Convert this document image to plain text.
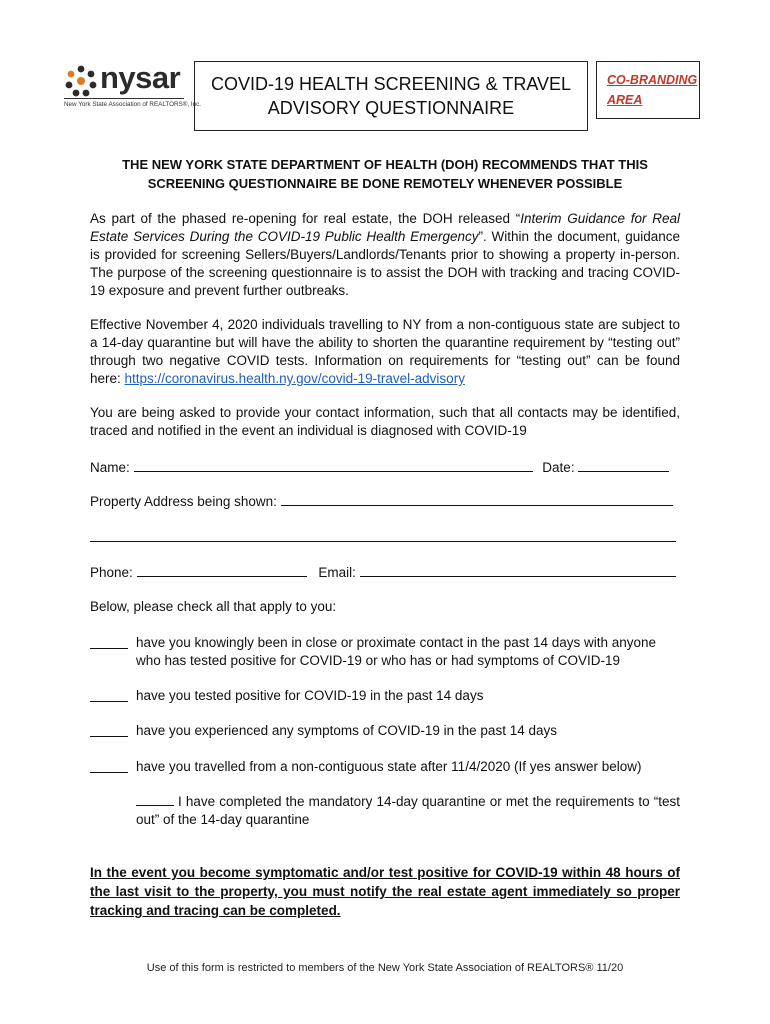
nysar
New York State Association of REALTORS®, Inc.
COVID-19 HEALTH SCREENING & TRAVEL
ADVISORY QUESTIONNAIRE
CO-BRANDING
AREA
THE NEW YORK STATE DEPARTMENT OF HEALTH (DOH) RECOMMENDS THAT THIS SCREENING QUESTIONNAIRE BE DONE REMOTELY WHENEVER POSSIBLE
As part of the phased re-opening for real estate, the DOH released “Interim Guidance for Real Estate Services During the COVID-19 Public Health Emergency”. Within the document, guidance is provided for screening Sellers/Buyers/Landlords/Tenants prior to showing a property in-person. The purpose of the screening questionnaire is to assist the DOH with tracking and tracing COVID-19 exposure and prevent further outbreaks.
Effective November 4, 2020 individuals travelling to NY from a non-contiguous state are subject to a 14-day quarantine but will have the ability to shorten the quarantine requirement by “testing out” through two negative COVID tests. Information on requirements for “testing out” can be found here: https://coronavirus.health.ny.gov/covid-19-travel-advisory
You are being asked to provide your contact information, such that all contacts may be identified, traced and notified in the event an individual is diagnosed with COVID-19
Name:	Date:
Property Address being shown:
Phone:	Email:
Below, please check all that apply to you:
have you knowingly been in close or proximate contact in the past 14 days with anyone who has tested positive for COVID-19 or who has or had symptoms of COVID-19
have you tested positive for COVID-19 in the past 14 days
have you experienced any symptoms of COVID-19 in the past 14 days
have you travelled from a non-contiguous state after 11/4/2020 (If yes answer below)
I have completed the mandatory 14-day quarantine or met the requirements to “test out” of the 14-day quarantine
In the event you become symptomatic and/or test positive for COVID-19 within 48 hours of the last visit to the property, you must notify the real estate agent immediately so proper tracking and tracing can be completed.
Use of this form is restricted to members of the New York State Association of REALTORS® 11/20
